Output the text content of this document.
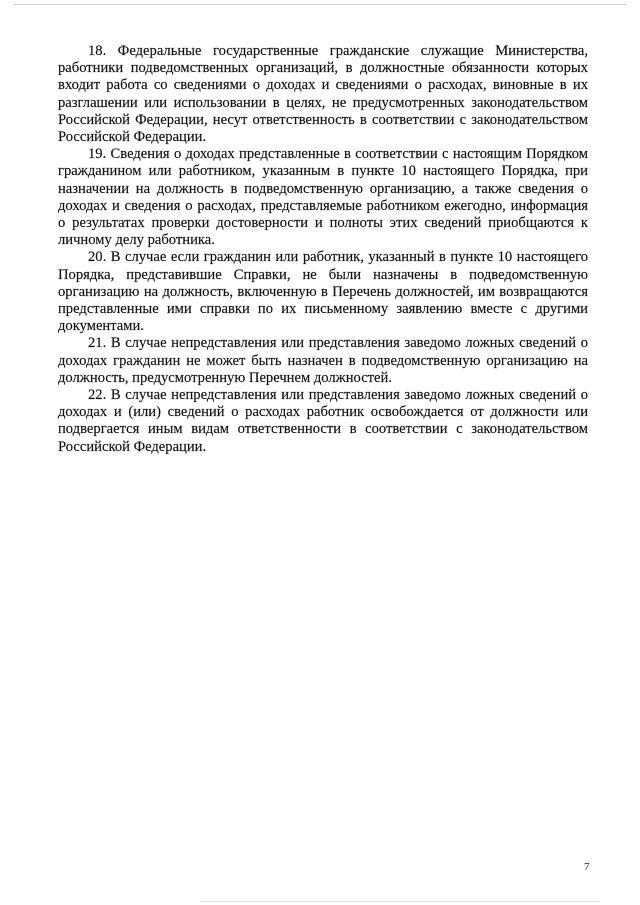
18. Федеральные государственные гражданские служащие Министерства, работники подведомственных организаций, в должностные обязанности которых входит работа со сведениями о доходах и сведениями о расходах, виновные в их разглашении или использовании в целях, не предусмотренных законодательством Российской Федерации, несут ответственность в соответствии с законодательством Российской Федерации.

19. Сведения о доходах представленные в соответствии с настоящим Порядком гражданином или работником, указанным в пункте 10 настоящего Порядка, при назначении на должность в подведомственную организацию, а также сведения о доходах и сведения о расходах, представляемые работником ежегодно, информация о результатах проверки достоверности и полноты этих сведений приобщаются к личному делу работника.

20. В случае если гражданин или работник, указанный в пункте 10 настоящего Порядка, представившие Справки, не были назначены в подведомственную организацию на должность, включенную в Перечень должностей, им возвращаются представленные ими справки по их письменному заявлению вместе с другими документами.

21. В случае непредставления или представления заведомо ложных сведений о доходах гражданин не может быть назначен в подведомственную организацию на должность, предусмотренную Перечнем должностей.

22. В случае непредставления или представления заведомо ложных сведений о доходах и (или) сведений о расходах работник освобождается от должности или подвергается иным видам ответственности в соответствии с законодательством Российской Федерации.

7
